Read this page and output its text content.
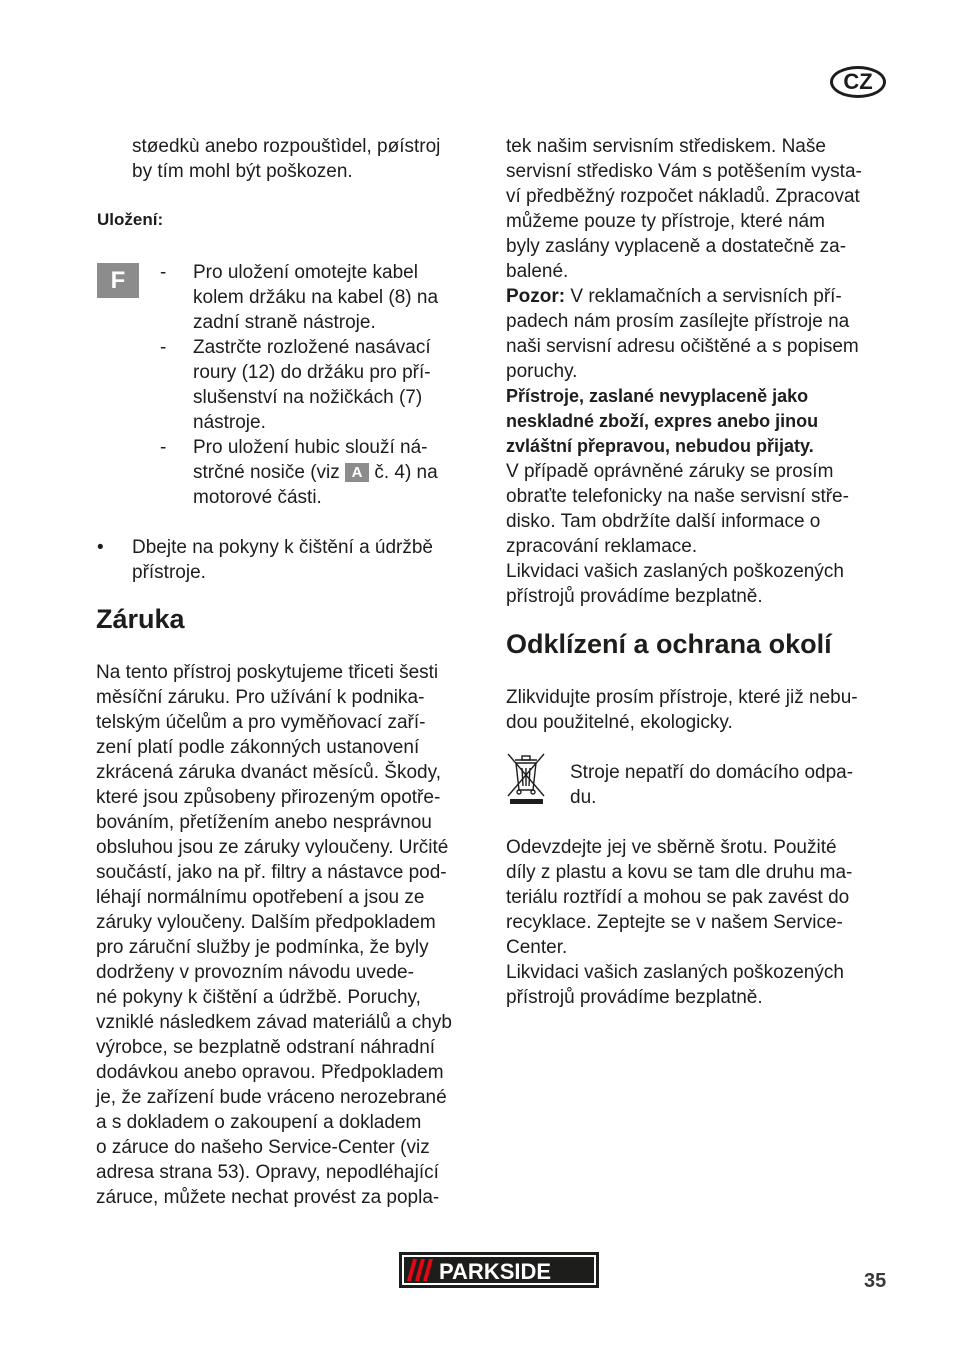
CZ

støedkù anebo rozpouštìdel, pøístroj

by tím mohl být poškozen.

Uložení:
F	- Pro uložení omotejte kabel

kolem držáku na kabel (8) na

zadní straně nástroje.

- Zastrčte rozložené nasávací

roury (12) do držáku pro pří-

slušenství na nožičkách (7)

nástroje.

- Pro uložení hubic slouží ná-

strčné nosiče (viz A č. 4) na

motorové části.

• Dbejte na pokyny k čištění a údržbě

přístroje.

Záruka

Na tento přístroj poskytujeme třiceti šesti

měsíční záruku. Pro užívání k podnika-

telským účelům a pro vyměňovací zaří-

zení platí podle zákonných ustanovení

zkrácená záruka dvanáct měsíců. Škody,

které jsou způsobeny přirozeným opotře-

bováním, přetížením anebo nesprávnou

obsluhou jsou ze záruky vyloučeny. Určité

součástí, jako na př. filtry a nástavce pod-

léhají normálnímu opotřebení a jsou ze

záruky vyloučeny. Dalším předpokladem

pro záruční služby je podmínka, že byly

dodrženy v provozním návodu uvede-

né pokyny k čištění a údržbě. Poruchy,

vzniklé následkem závad materiálů a chyb

výrobce, se bezplatně odstraní náhradní

dodávkou anebo opravou. Předpokladem

je, že zařízení bude vráceno nerozebrané

a s dokladem o zakoupení a dokladem

o záruce do našeho Service-Center (viz

adresa strana 53). Opravy, nepodléhající

záruce, můžete nechat provést za popla-

tek našim servisním střediskem. Naše

servisní středisko Vám s potěšením vysta-

ví předběžný rozpočet nákladů. Zpracovat

můžeme pouze ty přístroje, které nám

byly zaslány vyplaceně a dostatečně za-

balené.

Pozor: V reklamačních a servisních pří-

padech nám prosím zasílejte přístroje na

naši servisní adresu očištěné a s popisem

poruchy.

Přístroje, zaslané nevyplaceně jako

neskladné zboží, expres anebo jinou

zvláštní přepravou, nebudou přijaty.

V případě oprávněné záruky se prosím

obraťte telefonicky na naše servisní stře-

disko. Tam obdržíte další informace o

zpracování reklamace.

Likvidaci vašich zaslaných poškozených

přístrojů provádíme bezplatně.

Odklízení a ochrana okolí

Zlikvidujte prosím přístroje, které již nebu-

dou použitelné, ekologicky.

Stroje nepatří do domácího odpa-

du.

Odevzdejte jej ve sběrně šrotu. Použité

díly z plastu a kovu se tam dle druhu ma-

teriálu roztřídí a mohou se pak zavést do

recyklace. Zeptejte se v našem Service-

Center.

Likvidaci vašich zaslaných poškozených

přístrojů provádíme bezplatně.

PARKSIDE	35
